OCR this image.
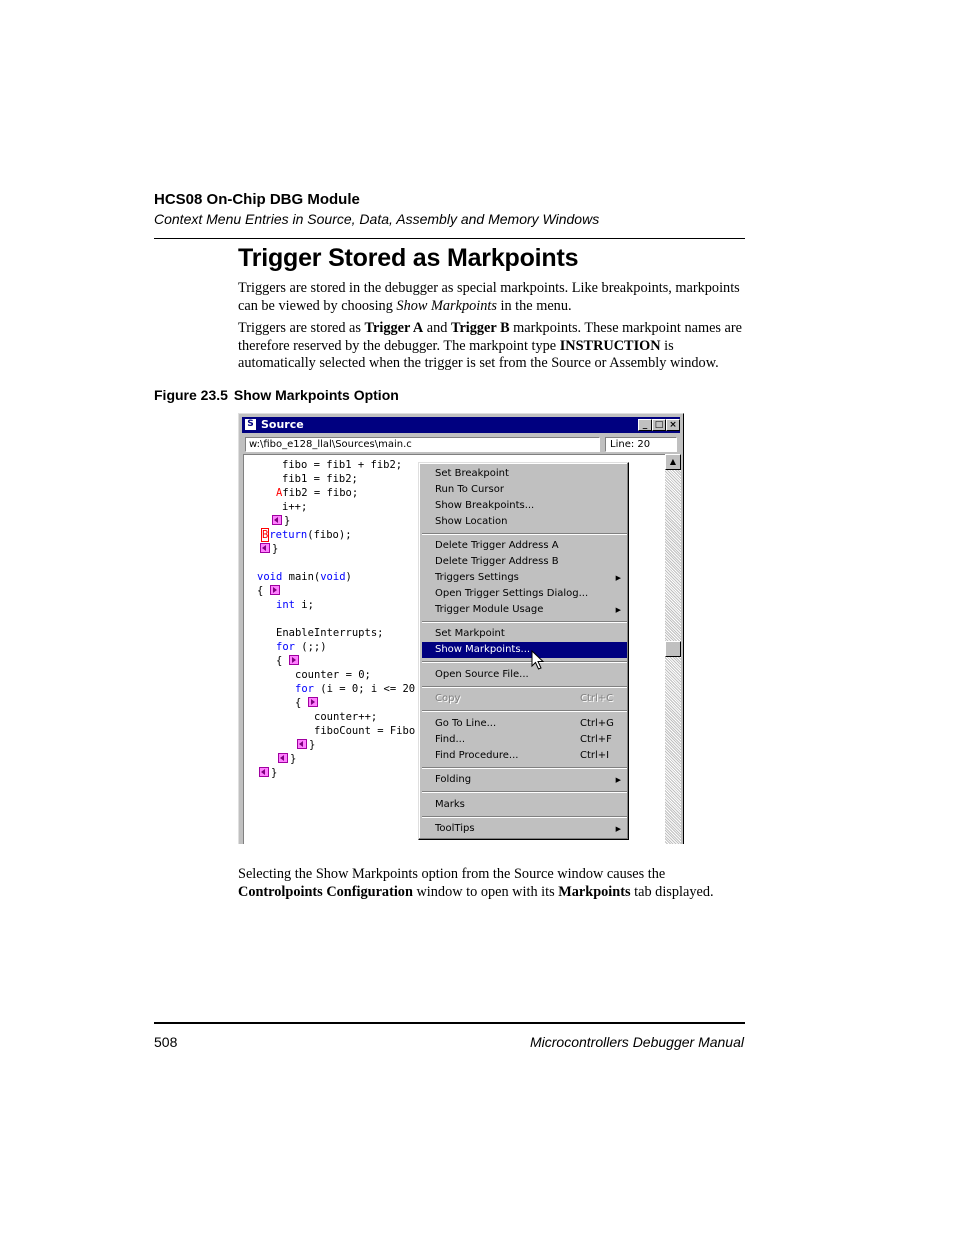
HCS08 On-Chip DBG Module
Context Menu Entries in Source, Data, Assembly and Memory Windows
Trigger Stored as Markpoints
Triggers are stored in the debugger as special markpoints. Like breakpoints, markpoints can be viewed by choosing Show Markpoints in the menu.
Triggers are stored as Trigger A and Trigger B markpoints. These markpoint names are therefore reserved by the debugger. The markpoint type INSTRUCTION is automatically selected when the trigger is set from the Source or Assembly window.
Figure 23.5 Show Markpoints Option
S Source	_ □ ×
w:\fibo_e128_llal\Sources\main.c	Line: 20
fibo = fib1 + fib2;
fib1 = fib2;
Afib2 = fibo;
i++;
}
Breturn(fibo);
}
void main(void)
{
int i;
EnableInterrupts;
for (;;)
{
counter = 0;
for (i = 0; i <= 20
{
counter++;
fiboCount = Fibo
}
}
}
▲
Set Breakpoint
Run To Cursor
Show Breakpoints...
Show Location
Delete Trigger Address A
Delete Trigger Address B
Triggers Settings	▶
Open Trigger Settings Dialog...
Trigger Module Usage	▶
Set Markpoint
Show Markpoints...
Open Source File...
Copy	Ctrl+C
Go To Line...	Ctrl+G
Find...	Ctrl+F
Find Procedure...	Ctrl+I
Folding	▶
Marks
ToolTips	▶
Selecting the Show Markpoints option from the Source window causes the Controlpoints Configuration window to open with its Markpoints tab displayed.
508	Microcontrollers Debugger Manual
